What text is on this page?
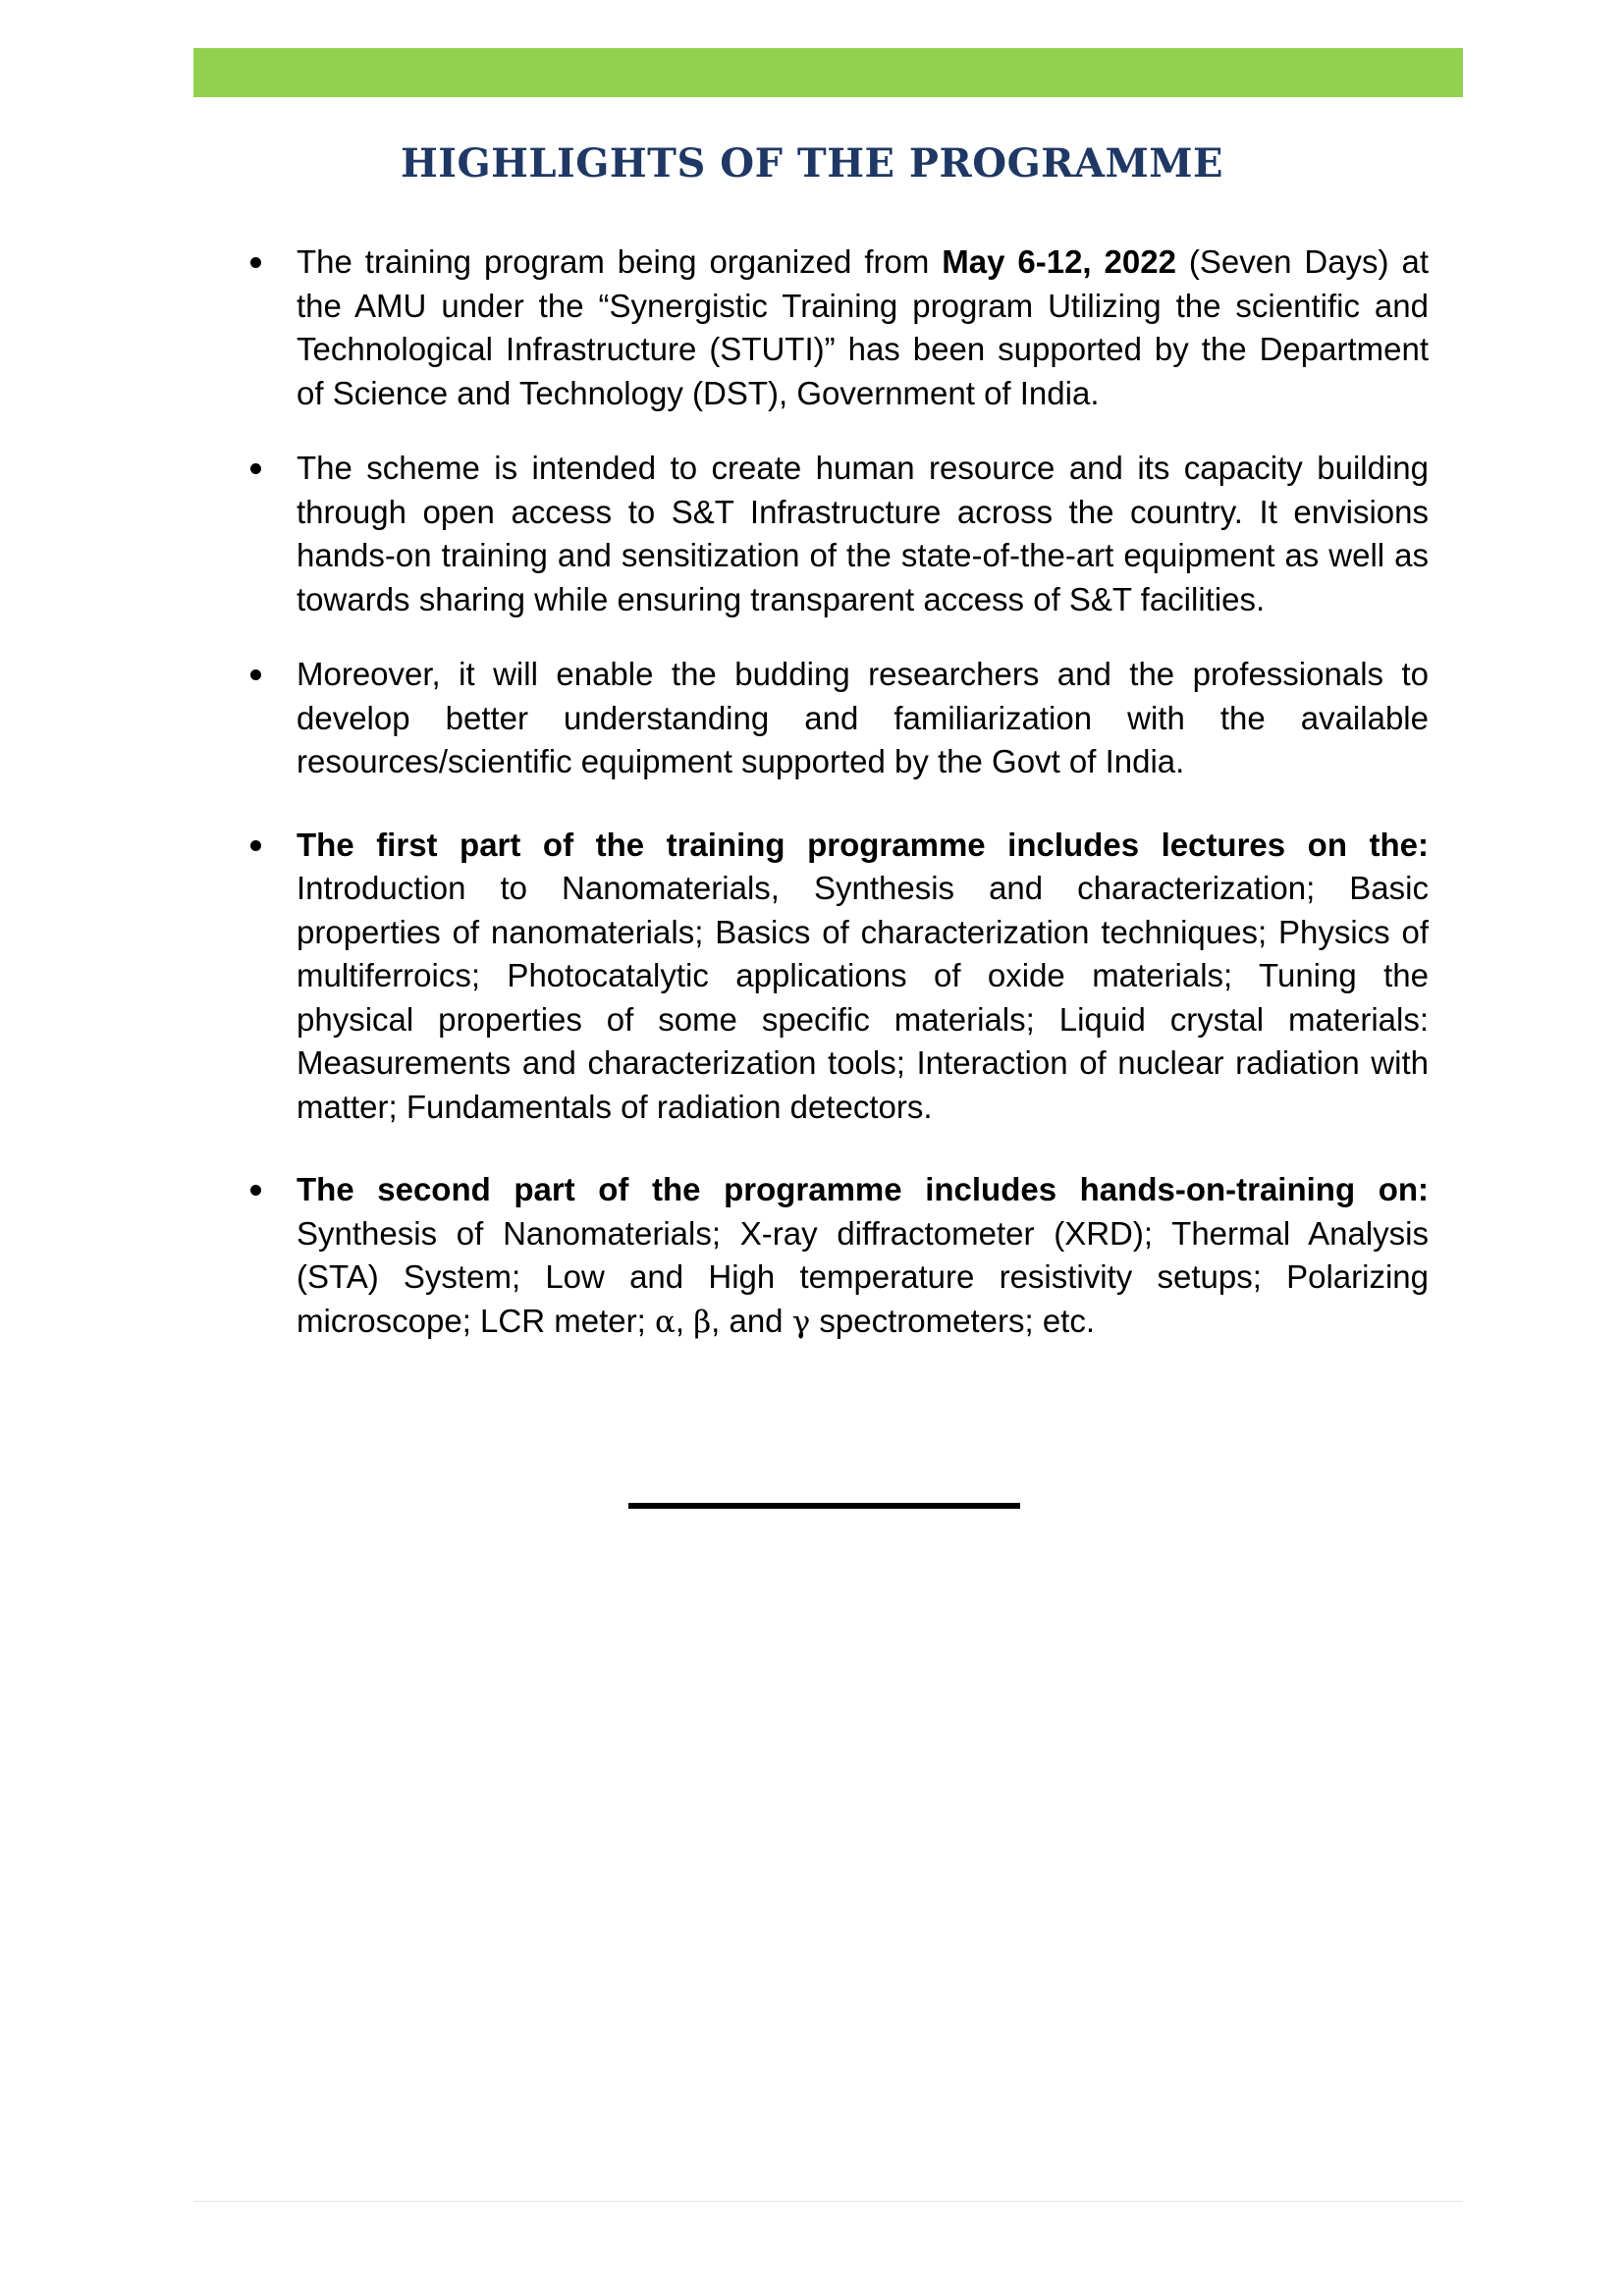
HIGHLIGHTS OF THE PROGRAMME
The training program being organized from May 6-12, 2022 (Seven Days) at the AMU under the “Synergistic Training program Utilizing the scientific and Technological Infrastructure (STUTI)” has been supported by the Department of Science and Technology (DST), Government of India.
The scheme is intended to create human resource and its capacity building through open access to S&T Infrastructure across the country. It envisions hands-on training and sensitization of the state-of-the-art equipment as well as towards sharing while ensuring transparent access of S&T facilities.
Moreover, it will enable the budding researchers and the professionals to develop better understanding and familiarization with the available resources/scientific equipment supported by the Govt of India.
The first part of the training programme includes lectures on the: Introduction to Nanomaterials, Synthesis and characterization; Basic properties of nanomaterials; Basics of characterization techniques; Physics of multiferroics; Photocatalytic applications of oxide materials; Tuning the physical properties of some specific materials; Liquid crystal materials: Measurements and characterization tools; Interaction of nuclear radiation with matter; Fundamentals of radiation detectors.
The second part of the programme includes hands-on-training on: Synthesis of Nanomaterials; X-ray diffractometer (XRD); Thermal Analysis (STA) System; Low and High temperature resistivity setups; Polarizing microscope; LCR meter; α, β, and γ spectrometers; etc.
